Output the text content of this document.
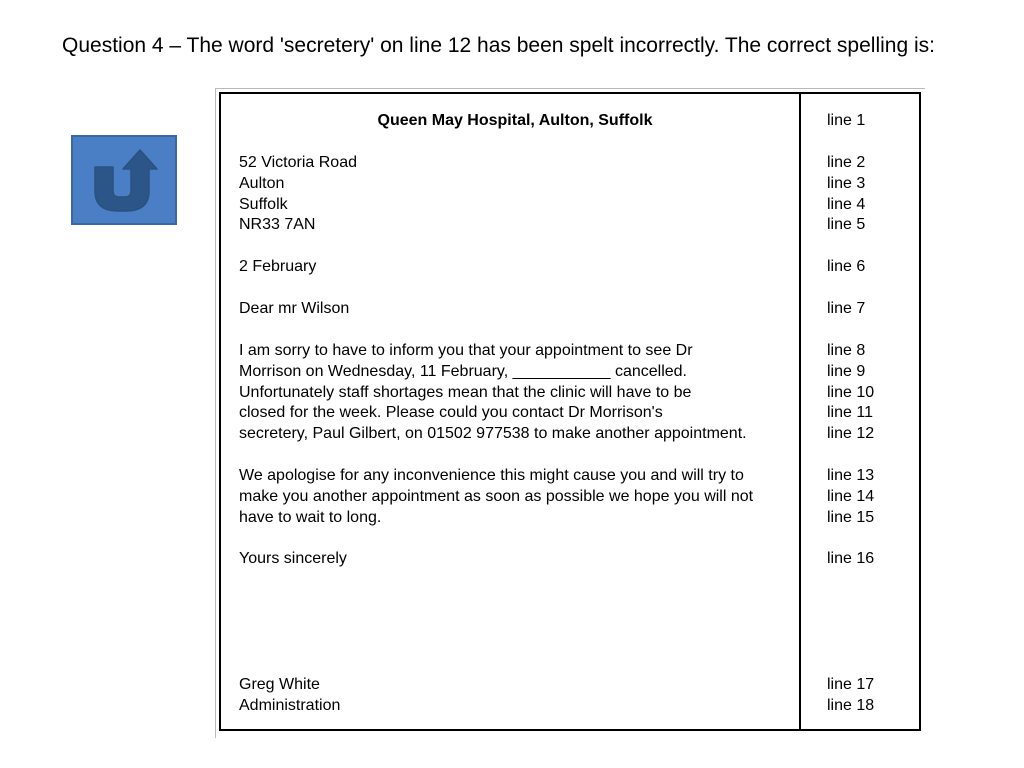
Question 4 – The word 'secretery' on line 12 has been spelt incorrectly. The correct spelling is:

Queen May Hospital, Aulton, Suffolk	line 1
52 Victoria Road	line 2
Aulton	line 3
Suffolk	line 4
NR33 7AN	line 5
2 February	line 6
Dear mr Wilson	line 7
I am sorry to have to inform you that your appointment to see Dr	line 8
Morrison on Wednesday, 11 February, ___________ cancelled.	line 9
Unfortunately staff shortages mean that the clinic will have to be	line 10
closed for the week. Please could you contact Dr Morrison's	line 11
secretery, Paul Gilbert, on 01502 977538 to make another appointment.	line 12
We apologise for any inconvenience this might cause you and will try to	line 13
make you another appointment as soon as possible we hope you will not	line 14
have to wait to long.	line 15
Yours sincerely	line 16
Greg White	line 17
Administration	line 18
